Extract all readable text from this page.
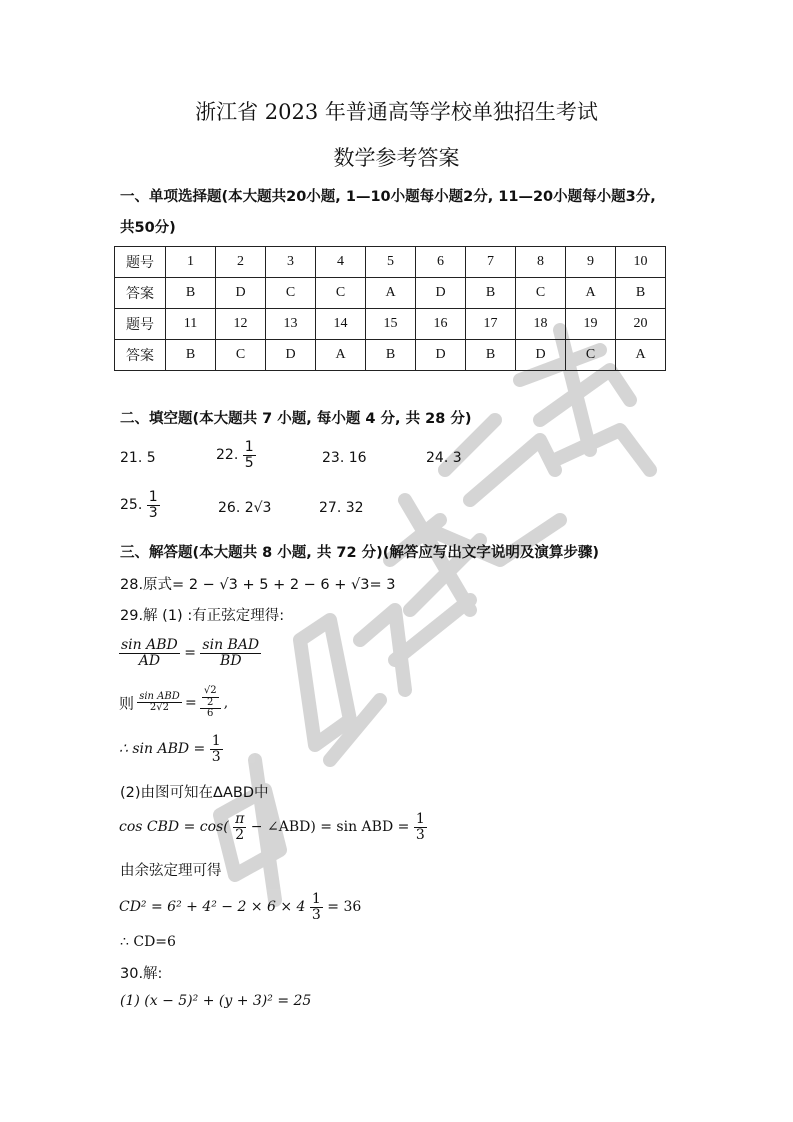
中职生逆袭
浙江省 2023 年普通高等学校单独招生考试
数学参考答案
一、单项选择题(本大题共20小题, 1—10小题每小题2分, 11—20小题每小题3分,
共50分)
题号	1	2	3	4	5	6	7	8	9	10
答案	B	D	C	C	A	D	B	C	A	B
题号	11	12	13	14	15	16	17	18	19	20
答案	B	C	D	A	B	D	B	D	C	A
二、填空题(本大题共 7 小题, 每小题 4 分, 共 28 分)
21. 5	22. $\frac{1}{5}$	23. 16	24. 3
25. $\frac{1}{3}$	26. 2√3	27. 32
三、解答题(本大题共 8 小题, 共 72 分)(解答应写出文字说明及演算步骤)
28.原式= 2 − √3 + 5 + 2 − 6 + √3= 3
29.解 (1) :有正弦定理得:
$\frac{\text{sin ABD}}{AD} = \frac{\text{sin BAD}}{BD}$
则 $\frac{\text{sin ABD}}{2√2} = \frac{\frac{√2}{2}}{6}$ ,
∴ sin ABD = $\frac{1}{3}$
(2)由图可知在ΔABD中
cos CBD = $\cos( \frac{\pi}{2}$ − ∠ABD) = sin ABD = $\frac{1}{3}$
由余弦定理可得
$CD^2 = 6^2 + 4^2 - 2 \times 6 \times 4 \frac{1}{3} = 36$
∴ CD=6
30.解:
(1) (x − 5)² + (y + 3)² = 25
